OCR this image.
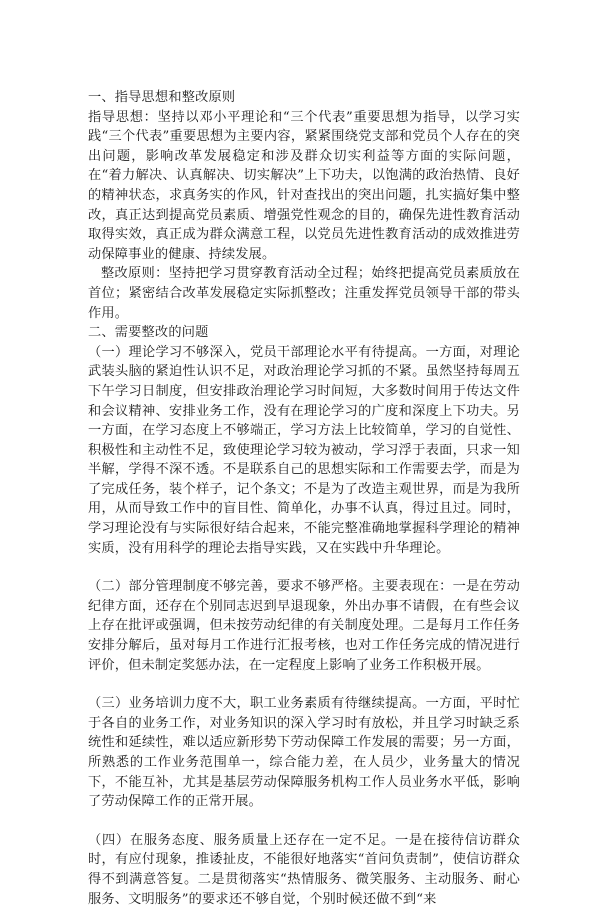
一、指导思想和整改原则

指导思想：坚持以邓小平理论和“三个代表”重要思想为指导，以学习实践“三个代表”重要思想为主要内容，紧紧围绕党支部和党员个人存在的突出问题，影响改革发展稳定和涉及群众切实利益等方面的实际问题，在“着力解决、认真解决、切实解决”上下功夫，以饱满的政治热情、良好的精神状态，求真务实的作风，针对查找出的突出问题，扎实搞好集中整改，真正达到提高党员素质、增强党性观念的目的，确保先进性教育活动取得实效，真正成为群众满意工程，以党员先进性教育活动的成效推进劳动保障事业的健康、持续发展。

整改原则：坚持把学习贯穿教育活动全过程；始终把提高党员素质放在首位；紧密结合改革发展稳定实际抓整改；注重发挥党员领导干部的带头作用。

二、需要整改的问题

（一）理论学习不够深入，党员干部理论水平有待提高。一方面，对理论武装头脑的紧迫性认识不足，对政治理论学习抓的不紧。虽然坚持每周五下午学习日制度，但安排政治理论学习时间短，大多数时间用于传达文件和会议精神、安排业务工作，没有在理论学习的广度和深度上下功夫。另一方面，在学习态度上不够端正，学习方法上比较简单，学习的自觉性、积极性和主动性不足，致使理论学习较为被动，学习浮于表面，只求一知半解，学得不深不透。不是联系自己的思想实际和工作需要去学，而是为了完成任务，装个样子，记个条文；不是为了改造主观世界，而是为我所用，从而导致工作中的盲目性、简单化，办事不认真，得过且过。同时，学习理论没有与实际很好结合起来，不能完整准确地掌握科学理论的精神实质，没有用科学的理论去指导实践，又在实践中升华理论。

（二）部分管理制度不够完善，要求不够严格。主要表现在：一是在劳动纪律方面，还存在个别同志迟到早退现象，外出办事不请假，在有些会议上存在批评或强调，但未按劳动纪律的有关制度处理。二是每月工作任务安排分解后，虽对每月工作进行汇报考核，也对工作任务完成的情况进行评价，但未制定奖惩办法，在一定程度上影响了业务工作积极开展。

（三）业务培训力度不大，职工业务素质有待继续提高。一方面，平时忙于各自的业务工作，对业务知识的深入学习时有放松，并且学习时缺乏系统性和延续性，难以适应新形势下劳动保障工作发展的需要；另一方面，所熟悉的工作业务范围单一，综合能力差，在人员少，业务量大的情况下，不能互补，尤其是基层劳动保障服务机构工作人员业务水平低，影响了劳动保障工作的正常开展。

（四）在服务态度、服务质量上还存在一定不足。一是在接待信访群众时，有应付现象，推诿扯皮，不能很好地落实“首问负责制”，使信访群众得不到满意答复。二是贯彻落实“热情服务、微笑服务、主动服务、耐心服务、文明服务”的要求还不够自觉，个别时候还做不到“来
